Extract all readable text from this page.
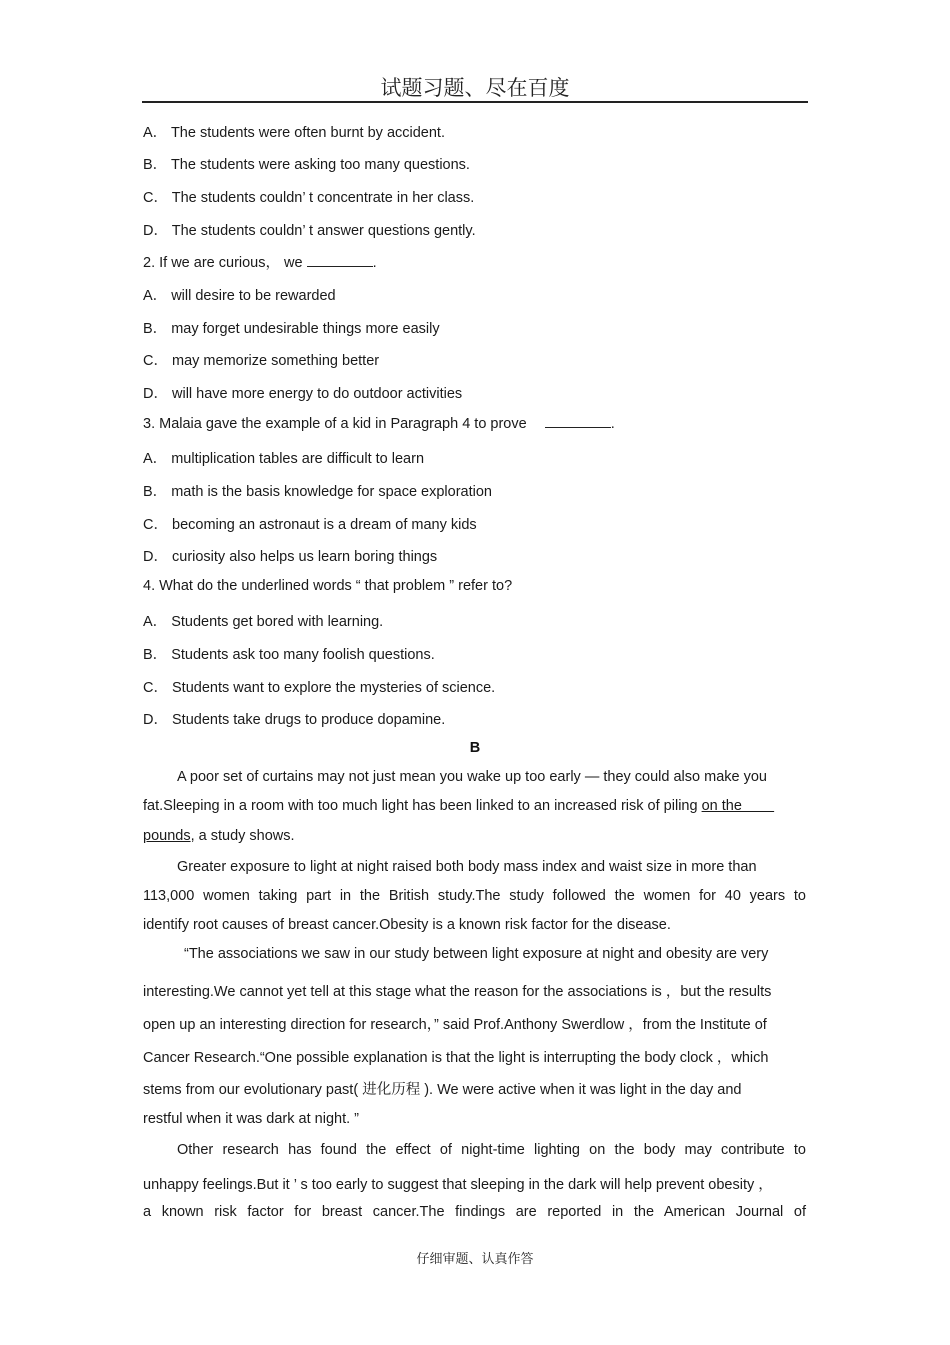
试题习题、尽在百度
A． The students were often burnt by accident.
B． The students were asking too many questions.
C． The students couldn’ t concentrate in her class.
D． The students couldn’ t answer questions gently.
2. If we are curious， we	.
A． will desire to be rewarded
B． may forget undesirable things more easily
C． may memorize something better
D． will have more energy to do outdoor activities
3. Malaia gave the example of a kid in Paragraph 4 to prove	.
A． multiplication tables are difficult to learn
B． math is the basis knowledge for space exploration
C． becoming an astronaut is a dream of many kids
D． curiosity also helps us learn boring things
4. What do the underlined words “ that problem ” refer to?
A． Students get bored with learning.
B． Students ask too many foolish questions.
C． Students want to explore the mysteries of science.
D． Students take drugs to produce dopamine.
B
A poor set of curtains may not just mean you wake up too early — they could also make you
fat.Sleeping in a room with too much light has been linked to an increased risk of piling on the
pounds, a study shows.
Greater exposure to light at night raised both body mass index and waist size in more than
113,000 women taking part in the British study.The study followed the women for 40 years to
identify root causes of breast cancer.Obesity is a known risk factor for the disease.
“The associations we saw in our study between light exposure at night and obesity are very
interesting.We cannot yet tell at this stage what the reason for the associations is ，but the results
open up an interesting direction for research，” said Prof.Anthony Swerdlow ，from the Institute of
Cancer Research.“One possible explanation is that the light is interrupting the body clock ，which
stems from our evolutionary past( 进化历程 ). We were active when it was light in the day and
restful when it was dark at night. ”
Other research has found the effect of night-time lighting on the body may contribute to
unhappy feelings.But it ’ s too early to suggest that sleeping in the dark will help prevent obesity ，
a known risk factor for breast cancer.The findings are reported in the American Journal of
仔细审题、认真作答
